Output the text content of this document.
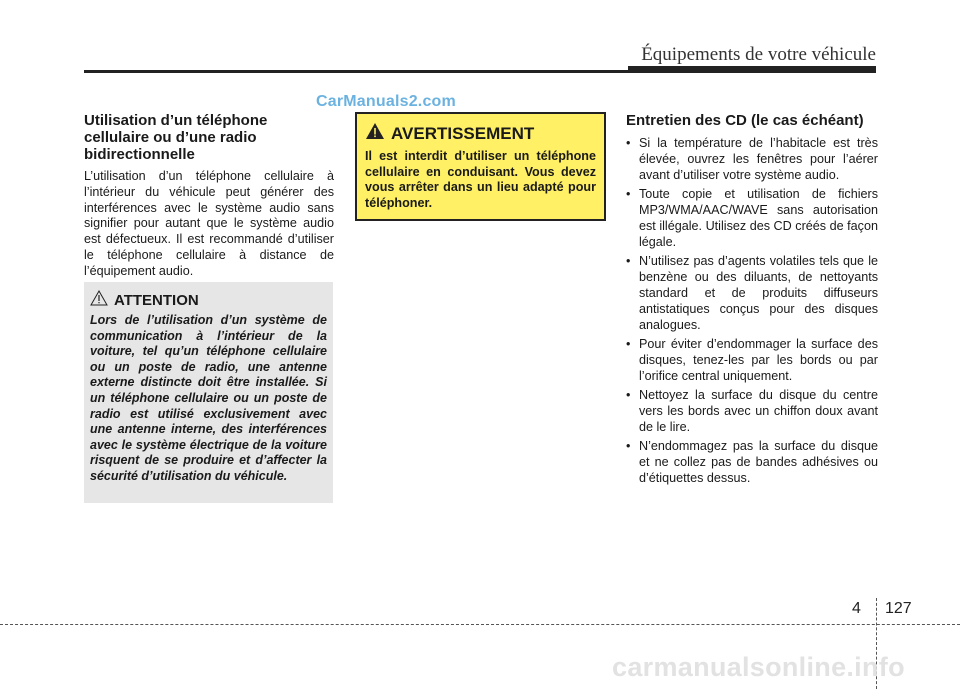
Équipements de votre véhicule
CarManuals2.com
Utilisation d’un téléphone cellulaire ou d’une radio bidirectionnelle

L’utilisation d’un téléphone cellulaire à l’intérieur du véhicule peut générer des interférences avec le système audio sans signifier pour autant que le système audio est défectueux. Il est recommandé d’utiliser le téléphone cellulaire à distance de l’équipement audio.

ATTENTION
Lors de l’utilisation d’un système de communication à l’intérieur de la voiture, tel qu’un téléphone cellulaire ou un poste de radio, une antenne externe distincte doit être installée. Si un téléphone cellulaire ou un poste de radio est utilisé exclusivement avec une antenne interne, des interférences avec le système électrique de la voiture risquent de se produire et d’affecter la sécurité d’utilisation du véhicule.
AVERTISSEMENT
Il est interdit d’utiliser un téléphone cellulaire en conduisant. Vous devez vous arrêter dans un lieu adapté pour téléphoner.
Entretien des CD (le cas échéant)
• Si la température de l’habitacle est très élevée, ouvrez les fenêtres pour l’aérer avant d’utiliser votre système audio.
• Toute copie et utilisation de fichiers MP3/WMA/AAC/WAVE sans autorisation est illégale. Utilisez des CD créés de façon légale.
• N’utilisez pas d’agents volatiles tels que le benzène ou des diluants, de nettoyants standard et de produits diffuseurs antistatiques conçus pour des disques analogues.
• Pour éviter d’endommager la surface des disques, tenez-les par les bords ou par l’orifice central uniquement.
• Nettoyez la surface du disque du centre vers les bords avec un chiffon doux avant de le lire.
• N’endommagez pas la surface du disque et ne collez pas de bandes adhésives ou d’étiquettes dessus.
4 127
carmanualsonline.info
